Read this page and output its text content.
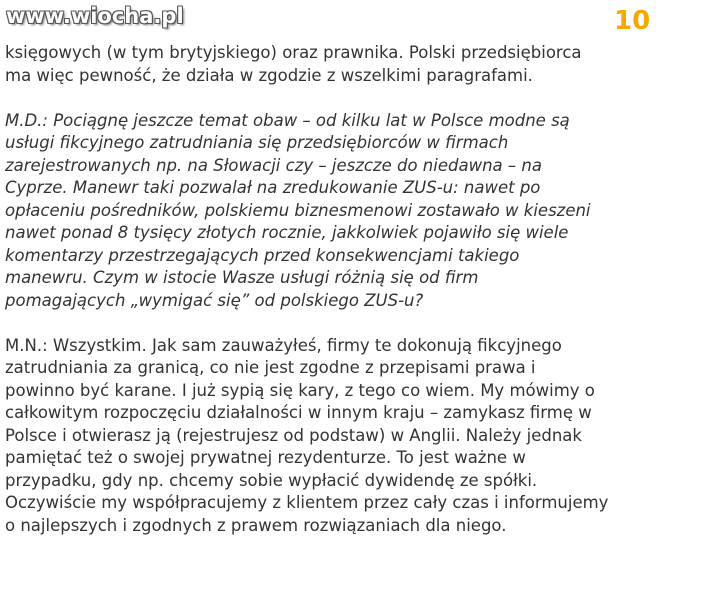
www.wiocha.pl	10

księgowych (w tym brytyjskiego) oraz prawnika. Polski przedsiębiorca
ma więc pewność, że działa w zgodzie z wszelkimi paragrafami.

M.D.: Pociągnę jeszcze temat obaw – od kilku lat w Polsce modne są
usługi fikcyjnego zatrudniania się przedsiębiorców w firmach
zarejestrowanych np. na Słowacji czy – jeszcze do niedawna – na
Cyprze. Manewr taki pozwalał na zredukowanie ZUS-u: nawet po
opłaceniu pośredników, polskiemu biznesmenowi zostawało w kieszeni
nawet ponad 8 tysięcy złotych rocznie, jakkolwiek pojawiło się wiele
komentarzy przestrzegających przed konsekwencjami takiego
manewru. Czym w istocie Wasze usługi różnią się od firm
pomagających „wymigać się” od polskiego ZUS-u?

M.N.: Wszystkim. Jak sam zauważyłeś, firmy te dokonują fikcyjnego
zatrudniania za granicą, co nie jest zgodne z przepisami prawa i
powinno być karane. I już sypią się kary, z tego co wiem. My mówimy o
całkowitym rozpoczęciu działalności w innym kraju – zamykasz firmę w
Polsce i otwierasz ją (rejestrujesz od podstaw) w Anglii. Należy jednak
pamiętać też o swojej prywatnej rezydenturze. To jest ważne w
przypadku, gdy np. chcemy sobie wypłacić dywidendę ze spółki.
Oczywiście my współpracujemy z klientem przez cały czas i informujemy
o najlepszych i zgodnych z prawem rozwiązaniach dla niego.
